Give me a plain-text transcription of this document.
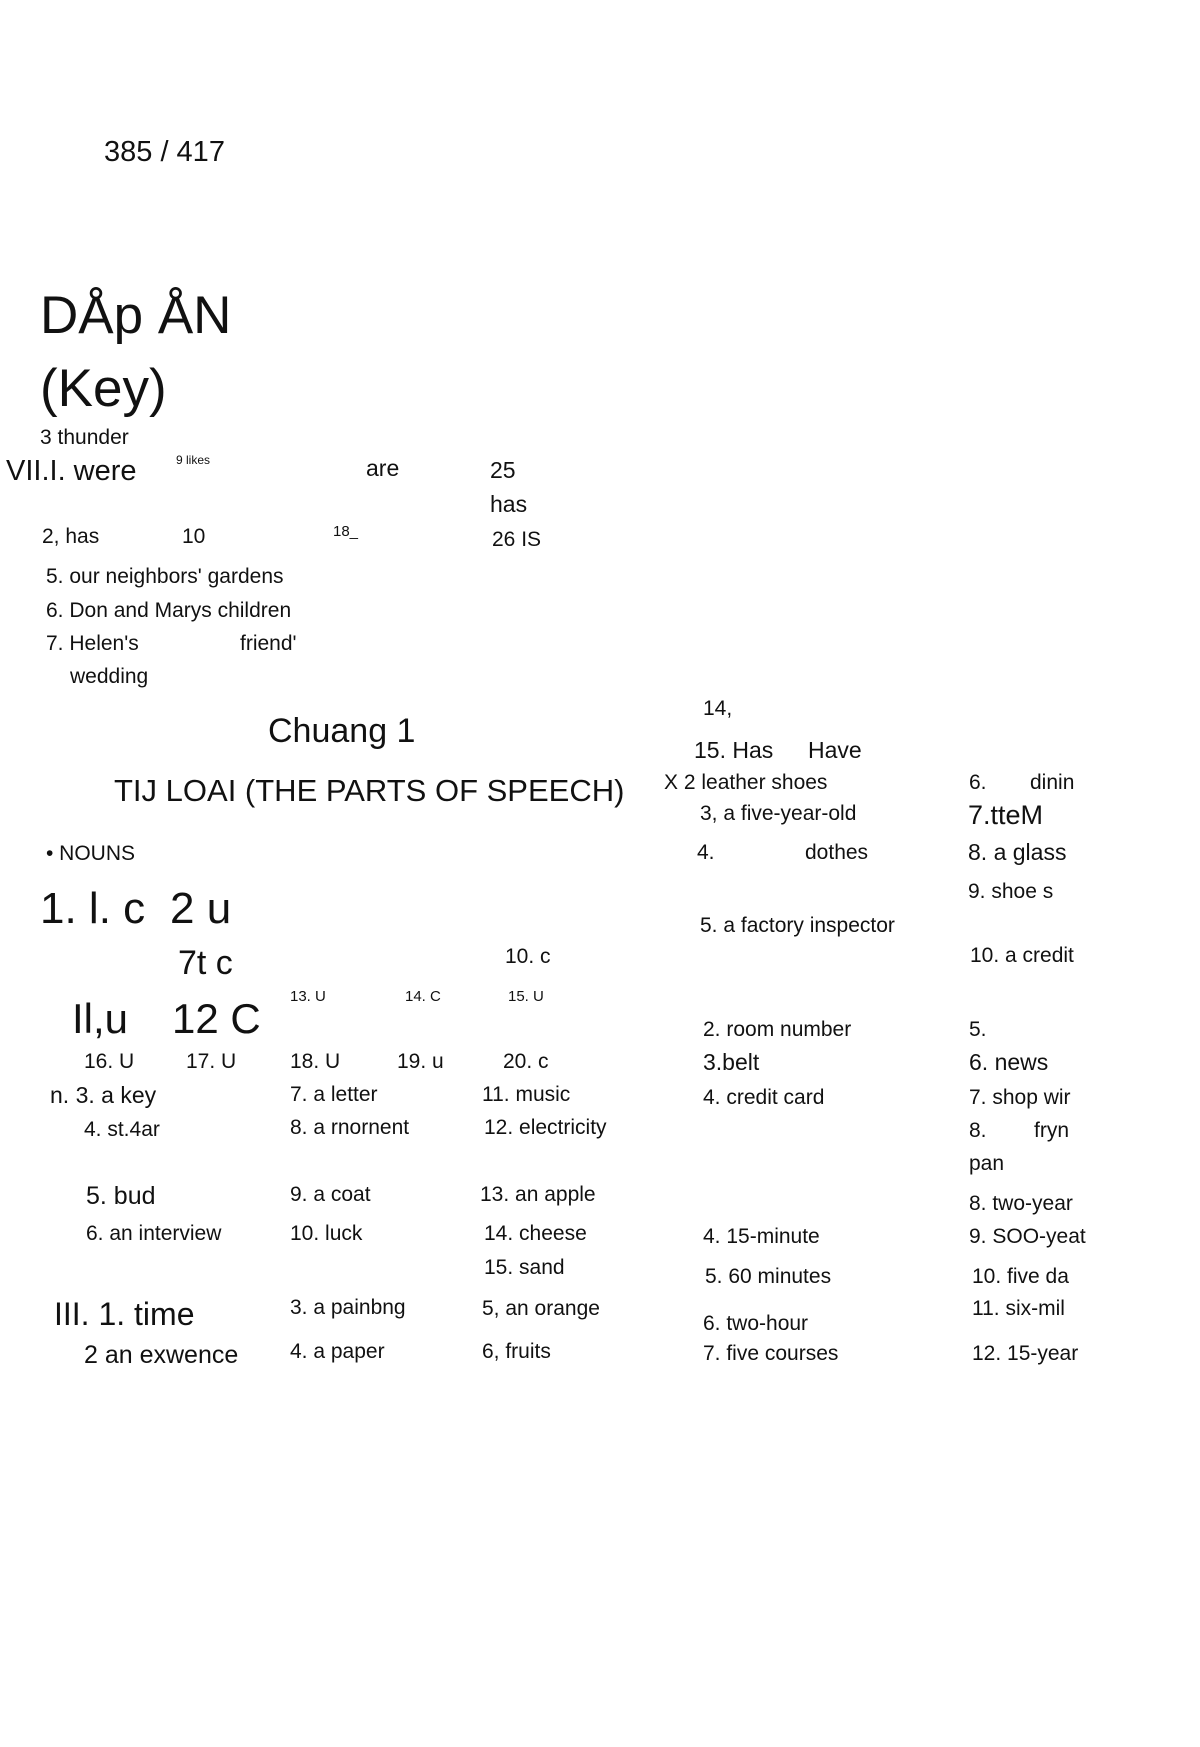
385 / 417
DÅp ÅN
(Key)
3 thunder
VII.I. were	9 likes	are	25
has
2, has	10	18_	26 IS
5. our neighbors' gardens
6. Don and Marys children
7. Helen's	friend'
wedding
Chuang 1
TIJ LOAI (THE PARTS OF SPEECH)
• NOUNS
1. l. c 2 u
7t c	10. c
Il,u 12 C 13. U	14. C	15. U
16. U 17. U	18. U	19. u	20. c
n. 3. a key
4. st.4ar
5. bud
6. an interview
7. a letter
8. a rnornent
9. a coat
10. luck
11. music
12. electricity
13. an apple
14. cheese
15. sand
III. 1. time
2 an exwence
3. a painbng
4. a paper
5, an orange
6, fruits
14,
15. Has Have
X 2 leather shoes
3, a five-year-old
4.	dothes
5. a factory inspector
2. room number
3.belt
4. credit card
4. 15-minute
5. 60 minutes
6. two-hour
7. five courses
6. dinin
7.tteM
8. a glass
9. shoe s
10. a credit
5.
6. news
7. shop wir
8. fryn
pan
8. two-year
9. SOO-yeat
10. five da
11. six-mil
12. 15-year
